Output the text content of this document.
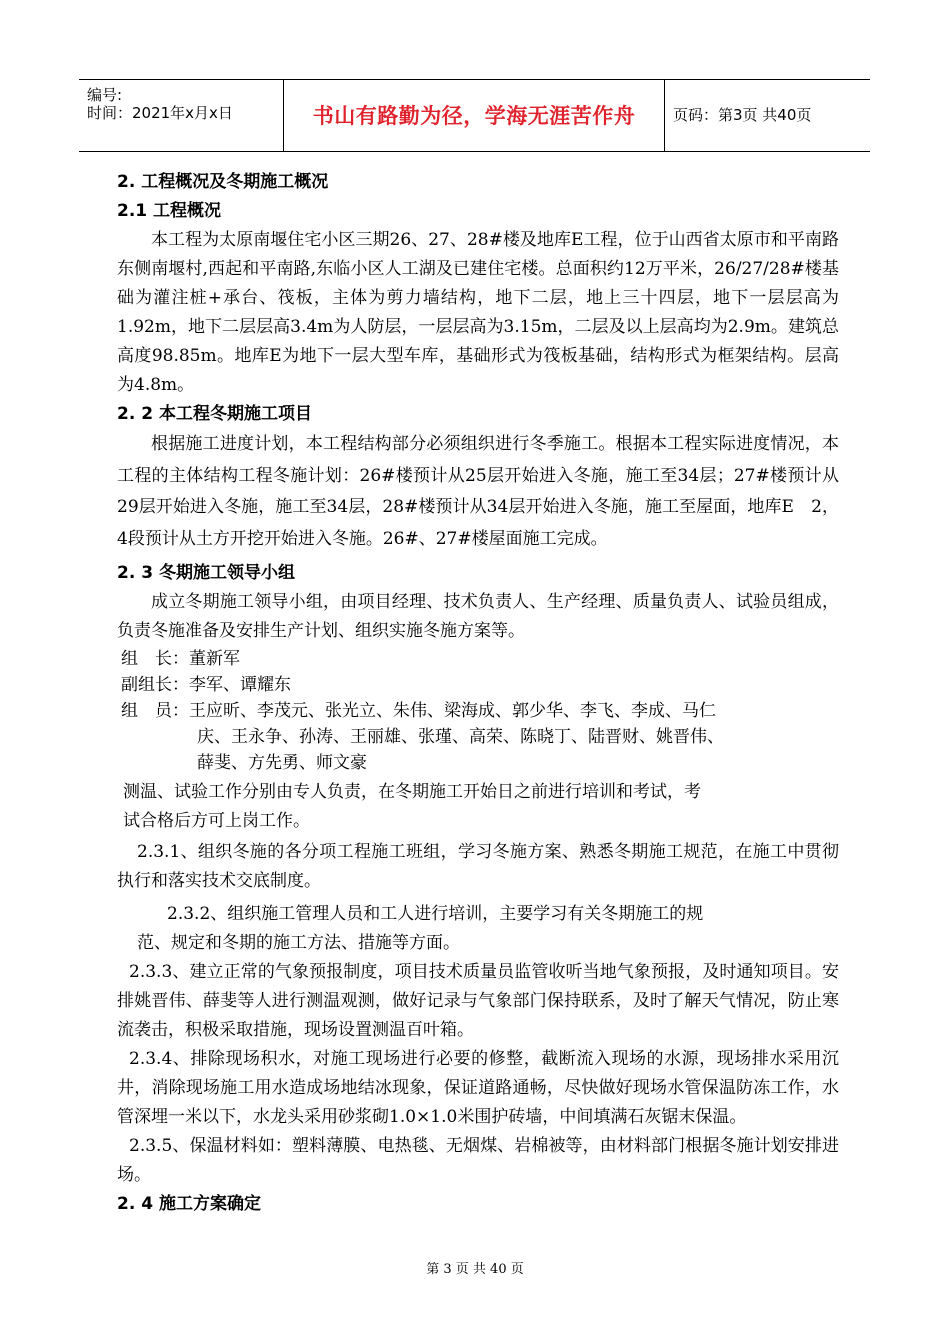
编号:
时间：2021年x月x日	书山有路勤为径，学海无涯苦作舟	页码：第3页 共40页

2. 工程概况及冬期施工概况

2.1 工程概况

本工程为太原南堰住宅小区三期26、27、28#楼及地库E工程，位于山西省太原市和平南路东侧南堰村,西起和平南路,东临小区人工湖及已建住宅楼。总面积约12万平米，26/27/28#楼基础为灌注桩+承台、筏板，主体为剪力墙结构，地下二层，地上三十四层，地下一层层高为1.92m，地下二层层高3.4m为人防层，一层层高为3.15m，二层及以上层高均为2.9m。建筑总高度98.85m。地库E为地下一层大型车库，基础形式为筏板基础，结构形式为框架结构。层高为4.8m。

2. 2 本工程冬期施工项目

根据施工进度计划，本工程结构部分必须组织进行冬季施工。根据本工程实际进度情况，本工程的主体结构工程冬施计划：26#楼预计从25层开始进入冬施，施工至34层；27#楼预计从29层开始进入冬施，施工至34层，28#楼预计从34层开始进入冬施，施工至屋面，地库E　2，4段预计从土方开挖开始进入冬施。26#、27#楼屋面施工完成。

2. 3 冬期施工领导小组

成立冬期施工领导小组，由项目经理、技术负责人、生产经理、质量负责人、试验员组成，负责冬施准备及安排生产计划、组织实施冬施方案等。

组　长：董新军

副组长：李军、谭耀东

组　员：王应昕、李茂元、张光立、朱伟、梁海成、郭少华、李飞、李成、马仁

庆、王永争、孙涛、王丽雄、张瑾、高荣、陈晓丁、陆晋财、姚晋伟、

薛斐、方先勇、师文豪

测温、试验工作分别由专人负责，在冬期施工开始日之前进行培训和考试，考

试合格后方可上岗工作。

2.3.1、组织冬施的各分项工程施工班组，学习冬施方案、熟悉冬期施工规范，在施工中贯彻执行和落实技术交底制度。

2.3.2、组织施工管理人员和工人进行培训，主要学习有关冬期施工的规

范、规定和冬期的施工方法、措施等方面。

2.3.3、建立正常的气象预报制度，项目技术质量员监管收听当地气象预报，及时通知项目。安排姚晋伟、薛斐等人进行测温观测，做好记录与气象部门保持联系，及时了解天气情况，防止寒流袭击，积极采取措施，现场设置测温百叶箱。

2.3.4、排除现场积水，对施工现场进行必要的修整，截断流入现场的水源，现场排水采用沉井，消除现场施工用水造成场地结冰现象，保证道路通畅，尽快做好现场水管保温防冻工作，水管深埋一米以下，水龙头采用砂浆砌1.0×1.0米围护砖墙，中间填满石灰锯末保温。

2.3.5、保温材料如：塑料薄膜、电热毯、无烟煤、岩棉被等，由材料部门根据冬施计划安排进场。

2. 4 施工方案确定

第 3 页 共 40 页
